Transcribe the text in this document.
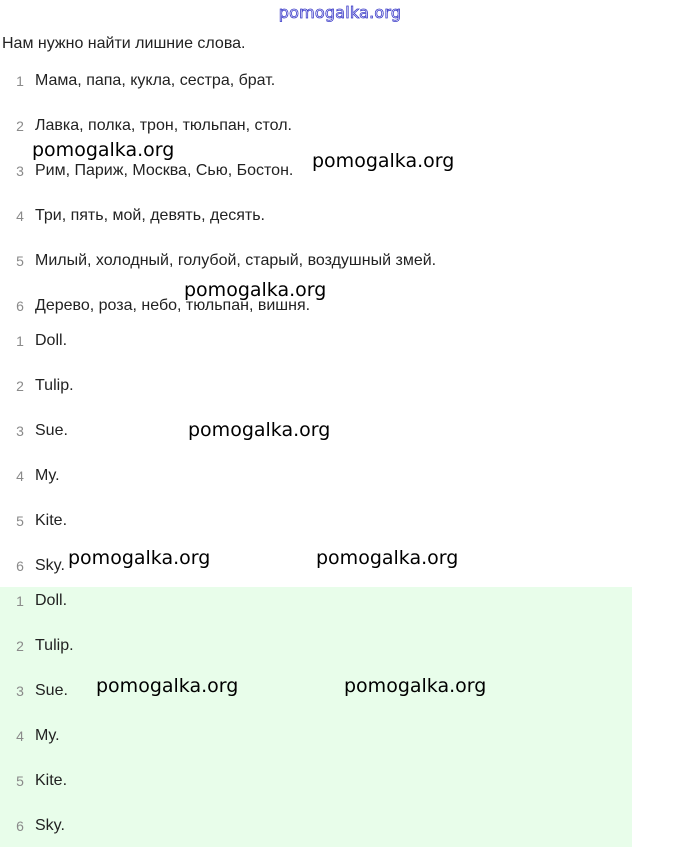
pomogalka.org
Нам нужно найти лишние слова.
1 Мама, папа, кукла, сестра, брат.
2 Лавка, полка, трон, тюльпан, стол.
3 Рим, Париж, Москва, Сью, Бостон.
4 Три, пять, мой, девять, десять.
5 Милый, холодный, голубой, старый, воздушный змей.
6 Дерево, роза, небо, тюльпан, вишня.
1 Doll.
2 Tulip.
3 Sue.
4 My.
5 Kite.
6 Sky.
1 Doll.
2 Tulip.
3 Sue.
4 My.
5 Kite.
6 Sky.
pomogalka.org	pomogalka.org
pomogalka.org
pomogalka.org
pomogalka.org	pomogalka.org
pomogalka.org	pomogalka.org
